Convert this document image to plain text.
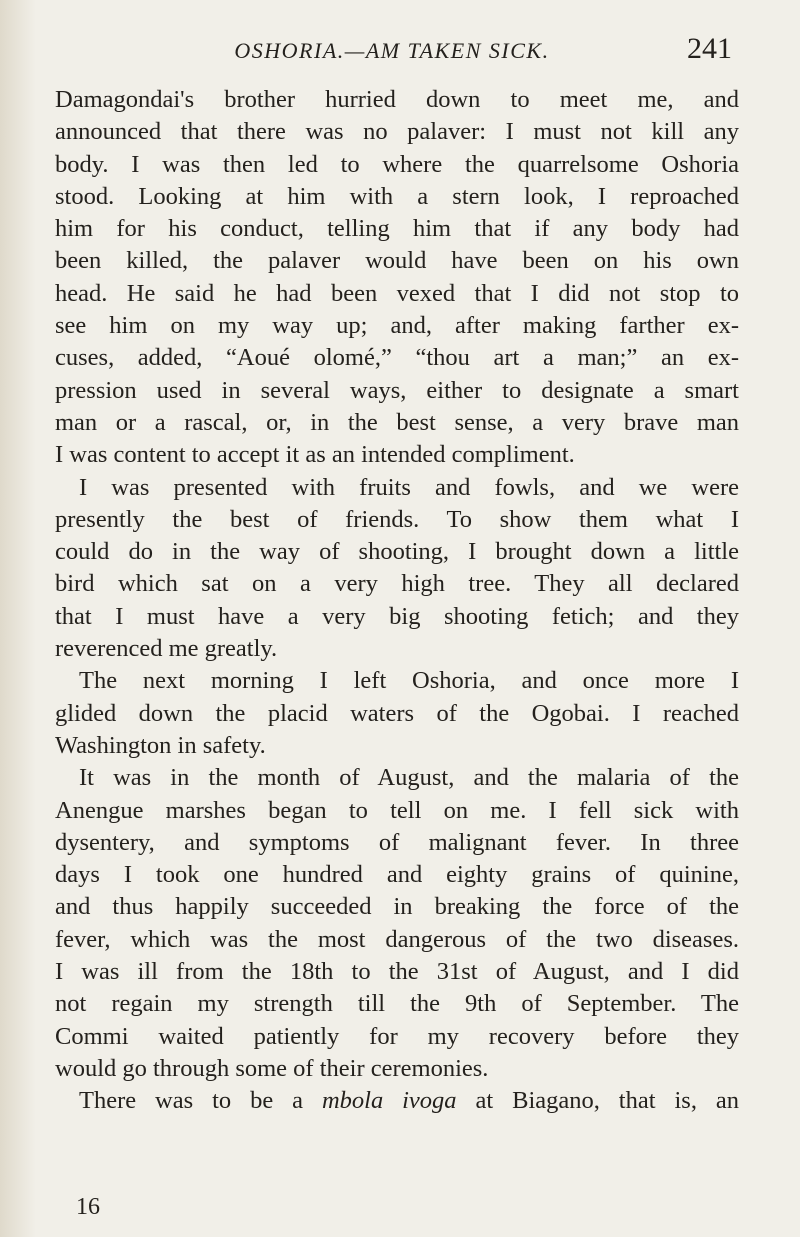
OSHORIA.—AM TAKEN SICK.	241
Damagondai's brother hurried down to meet me, and
announced that there was no palaver: I must not kill any
body. I was then led to where the quarrelsome Oshoria
stood. Looking at him with a stern look, I reproached
him for his conduct, telling him that if any body had
been killed, the palaver would have been on his own
head. He said he had been vexed that I did not stop to
see him on my way up; and, after making farther ex-
cuses, added, “Aoué olomé,” “thou art a man;” an ex-
pression used in several ways, either to designate a smart
man or a rascal, or, in the best sense, a very brave man
I was content to accept it as an intended compliment.
I was presented with fruits and fowls, and we were
presently the best of friends. To show them what I
could do in the way of shooting, I brought down a little
bird which sat on a very high tree. They all declared
that I must have a very big shooting fetich; and they
reverenced me greatly.
The next morning I left Oshoria, and once more I
glided down the placid waters of the Ogobai. I reached
Washington in safety.
It was in the month of August, and the malaria of the
Anengue marshes began to tell on me. I fell sick with
dysentery, and symptoms of malignant fever. In three
days I took one hundred and eighty grains of quinine,
and thus happily succeeded in breaking the force of the
fever, which was the most dangerous of the two diseases.
I was ill from the 18th to the 31st of August, and I did
not regain my strength till the 9th of September. The
Commi waited patiently for my recovery before they
would go through some of their ceremonies.
There was to be a mbola ivoga at Biagano, that is, an
16
